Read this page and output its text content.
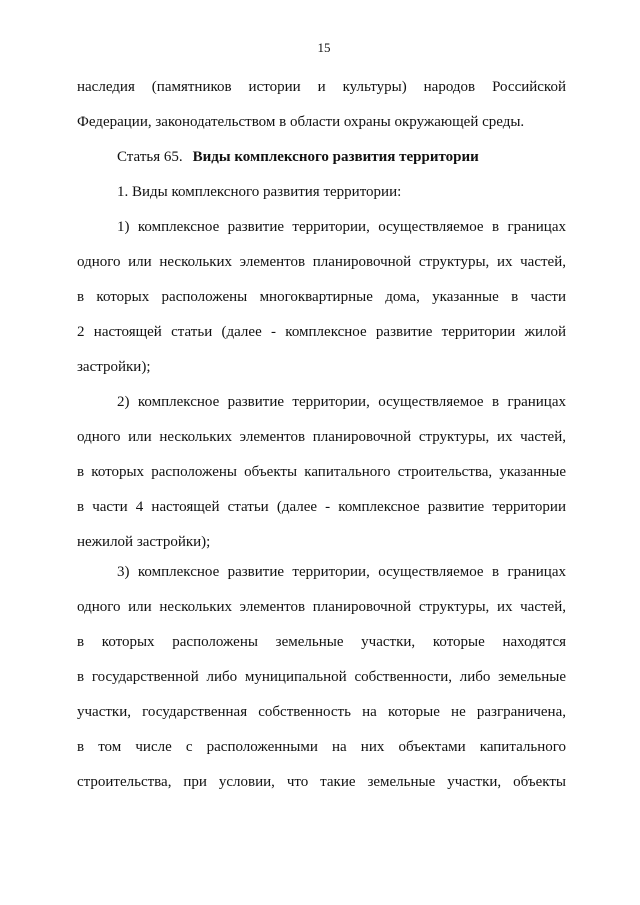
15
наследия (памятников истории и культуры) народов Российской
Федерации, законодательством в области охраны окружающей среды.
Статья 65. Виды комплексного развития территории
1. Виды комплексного развития территории:
1) комплексное развитие территории, осуществляемое в границах
одного или нескольких элементов планировочной структуры, их частей,
в которых расположены многоквартирные дома, указанные в части
2 настоящей статьи (далее - комплексное развитие территории жилой
застройки);
2) комплексное развитие территории, осуществляемое в границах
одного или нескольких элементов планировочной структуры, их частей,
в которых расположены объекты капитального строительства, указанные
в части 4 настоящей статьи (далее - комплексное развитие территории
нежилой застройки);
3) комплексное развитие территории, осуществляемое в границах
одного или нескольких элементов планировочной структуры, их частей,
в которых расположены земельные участки, которые находятся
в государственной либо муниципальной собственности, либо земельные
участки, государственная собственность на которые не разграничена,
в том числе с расположенными на них объектами капитального
строительства, при условии, что такие земельные участки, объекты
